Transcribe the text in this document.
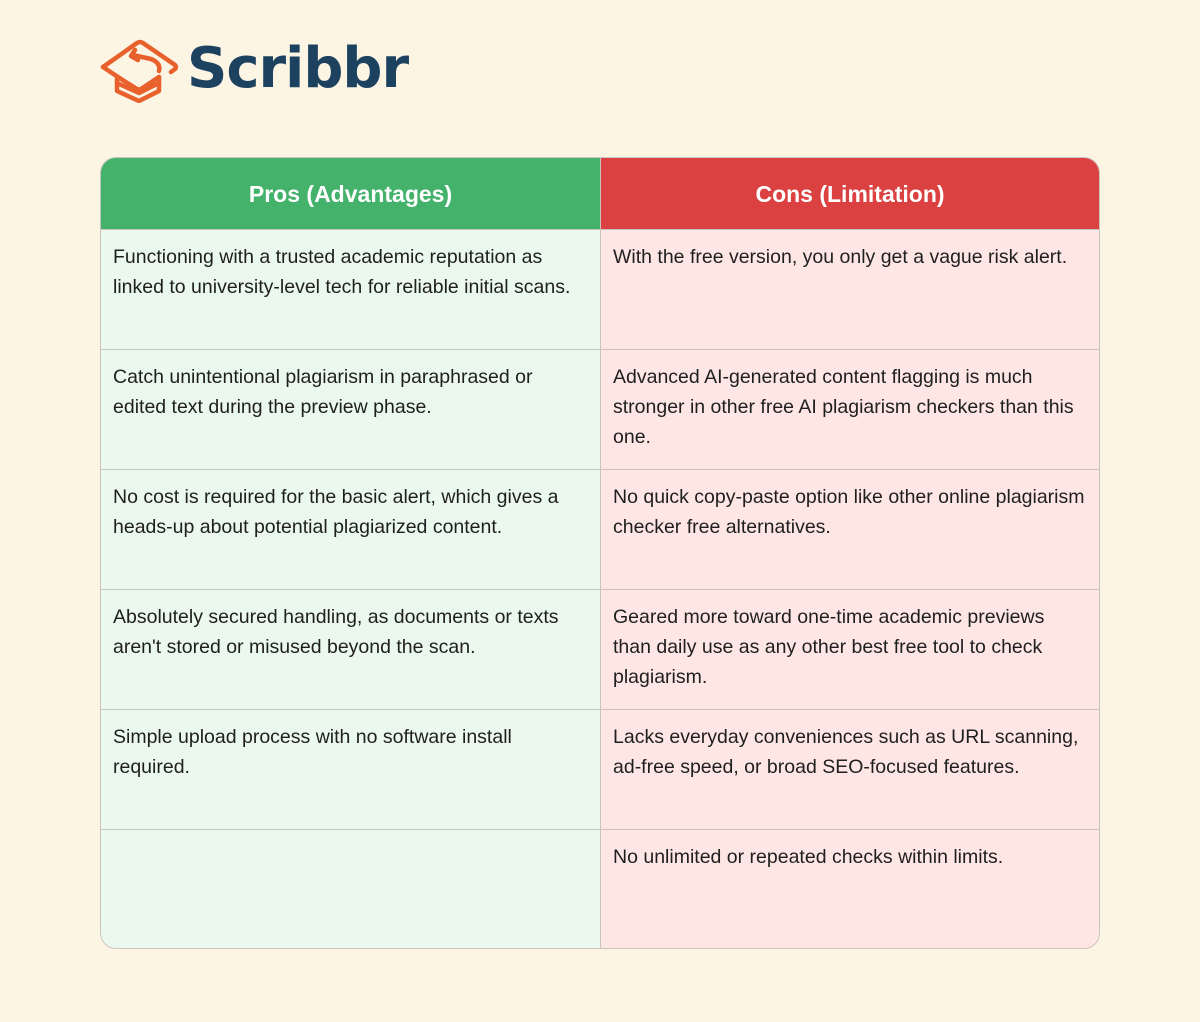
Scribbr
Pros (Advantages)	Cons (Limitation)
Functioning with a trusted academic reputation as linked to university-level tech for reliable initial scans.
With the free version, you only get a vague risk alert.
Catch unintentional plagiarism in paraphrased or edited text during the preview phase.
Advanced AI-generated content flagging is much stronger in other free AI plagiarism checkers than this one.
No cost is required for the basic alert, which gives a heads-up about potential plagiarized content.
No quick copy-paste option like other online plagiarism checker free alternatives.
Absolutely secured handling, as documents or texts aren't stored or misused beyond the scan.
Geared more toward one-time academic previews than daily use as any other best free tool to check plagiarism.
Simple upload process with no software install required.
Lacks everyday conveniences such as URL scanning, ad-free speed, or broad SEO-focused features.
No unlimited or repeated checks within limits.
